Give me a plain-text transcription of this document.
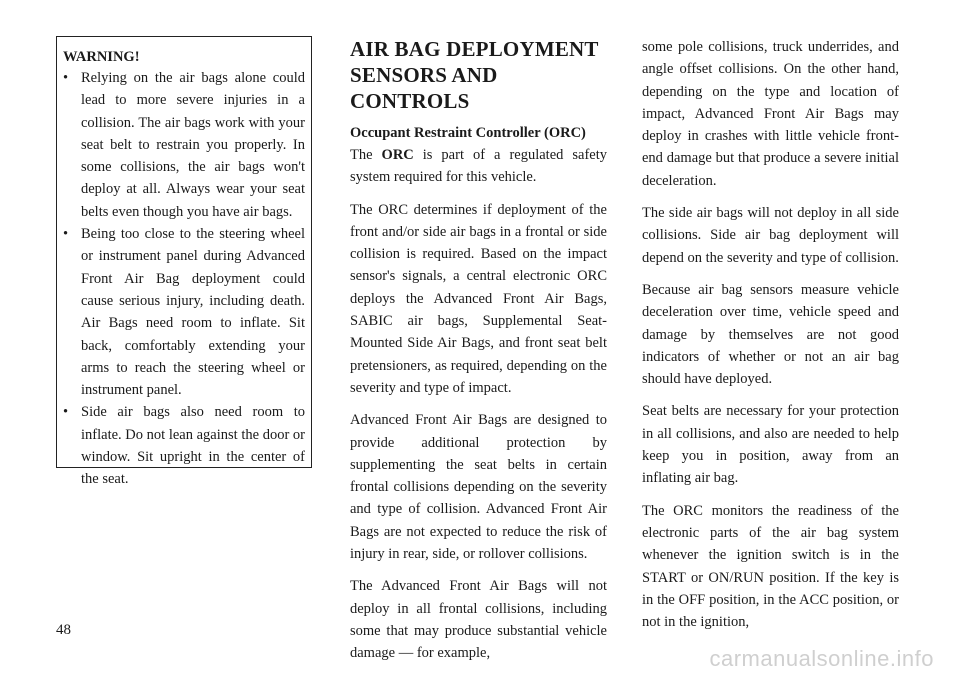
WARNING!
• Relying on the air bags alone could lead to more severe injuries in a collision. The air bags work with your seat belt to restrain you properly. In some collisions, the air bags won't deploy at all. Always wear your seat belts even though you have air bags.
• Being too close to the steering wheel or instrument panel during Advanced Front Air Bag deployment could cause serious injury, including death. Air Bags need room to inflate. Sit back, comfortably extending your arms to reach the steering wheel or instrument panel.
• Side air bags also need room to inflate. Do not lean against the door or window. Sit upright in the center of the seat.
AIR BAG DEPLOYMENT SENSORS AND CONTROLS
Occupant Restraint Controller (ORC)

The ORC is part of a regulated safety system required for this vehicle.

The ORC determines if deployment of the front and/or side air bags in a frontal or side collision is required. Based on the impact sensor's signals, a central electronic ORC deploys the Advanced Front Air Bags, SABIC air bags, Supplemental Seat-Mounted Side Air Bags, and front seat belt pretensioners, as required, depending on the severity and type of impact.

Advanced Front Air Bags are designed to provide additional protection by supplementing the seat belts in certain frontal collisions depending on the severity and type of collision. Advanced Front Air Bags are not expected to reduce the risk of injury in rear, side, or rollover collisions.

The Advanced Front Air Bags will not deploy in all frontal collisions, including some that may produce substantial vehicle damage — for example,

some pole collisions, truck underrides, and angle offset collisions. On the other hand, depending on the type and location of impact, Advanced Front Air Bags may deploy in crashes with little vehicle front-end damage but that produce a severe initial deceleration.

The side air bags will not deploy in all side collisions. Side air bag deployment will depend on the severity and type of collision.

Because air bag sensors measure vehicle deceleration over time, vehicle speed and damage by themselves are not good indicators of whether or not an air bag should have deployed.

Seat belts are necessary for your protection in all collisions, and also are needed to help keep you in position, away from an inflating air bag.

The ORC monitors the readiness of the electronic parts of the air bag system whenever the ignition switch is in the START or ON/RUN position. If the key is in the OFF position, in the ACC position, or not in the ignition,

48
carmanualsonline.info
